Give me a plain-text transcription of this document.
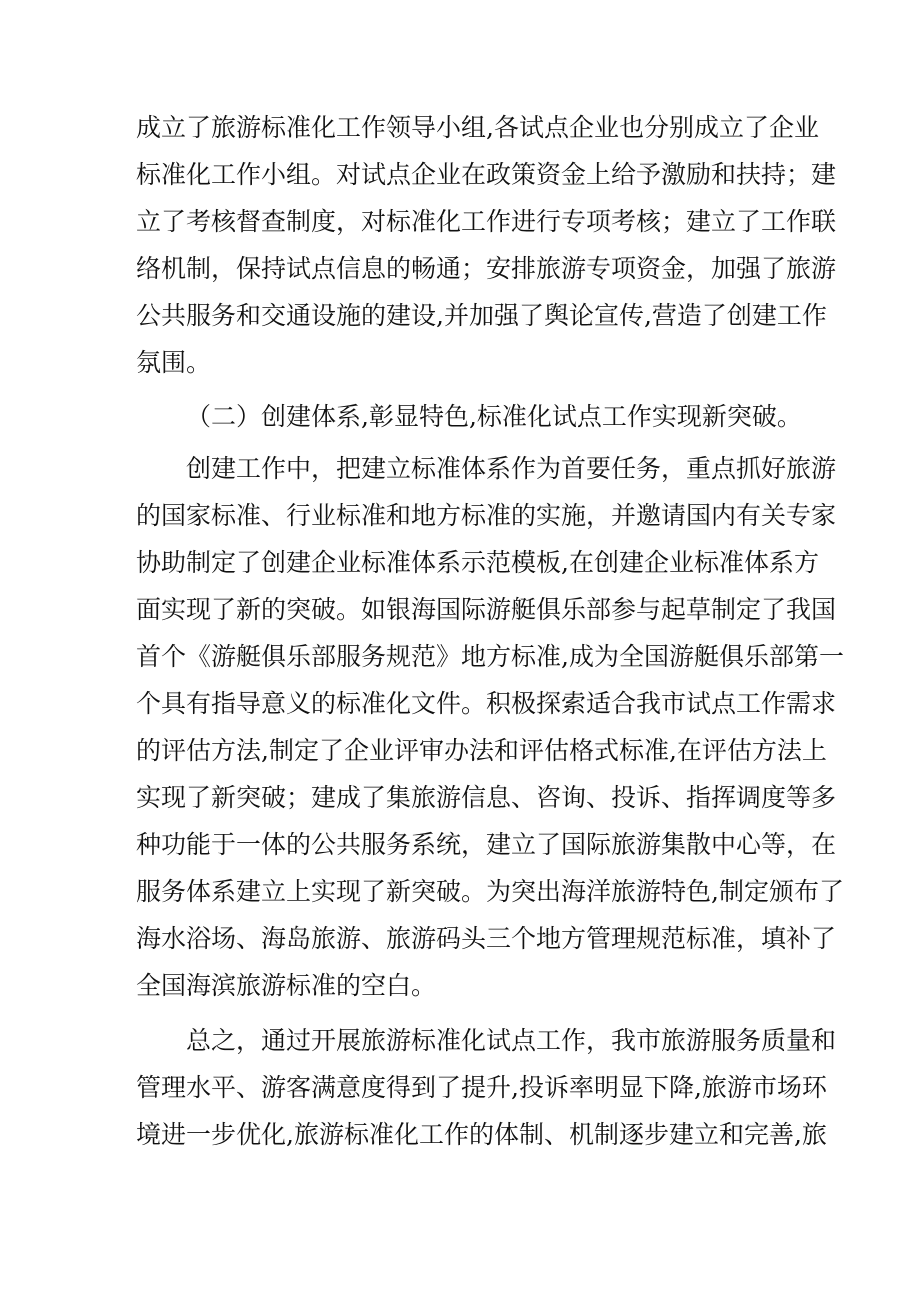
成立了旅游标准化工作领导小组,各试点企业也分别成立了企业
标准化工作小组。对试点企业在政策资金上给予激励和扶持；建
立了考核督查制度，对标准化工作进行专项考核；建立了工作联
络机制，保持试点信息的畅通；安排旅游专项资金，加强了旅游
公共服务和交通设施的建设,并加强了舆论宣传,营造了创建工作
氛围。
（二）创建体系,彰显特色,标准化试点工作实现新突破。
创建工作中，把建立标准体系作为首要任务，重点抓好旅游
的国家标准、行业标准和地方标准的实施，并邀请国内有关专家
协助制定了创建企业标准体系示范模板,在创建企业标准体系方
面实现了新的突破。如银海国际游艇俱乐部参与起草制定了我国
首个《游艇俱乐部服务规范》地方标准,成为全国游艇俱乐部第一
个具有指导意义的标准化文件。积极探索适合我市试点工作需求
的评估方法,制定了企业评审办法和评估格式标准,在评估方法上
实现了新突破；建成了集旅游信息、咨询、投诉、指挥调度等多
种功能于一体的公共服务系统，建立了国际旅游集散中心等，在
服务体系建立上实现了新突破。为突出海洋旅游特色,制定颁布了
海水浴场、海岛旅游、旅游码头三个地方管理规范标准，填补了
全国海滨旅游标准的空白。
总之，通过开展旅游标准化试点工作，我市旅游服务质量和
管理水平、游客满意度得到了提升,投诉率明显下降,旅游市场环
境进一步优化,旅游标准化工作的体制、机制逐步建立和完善,旅
